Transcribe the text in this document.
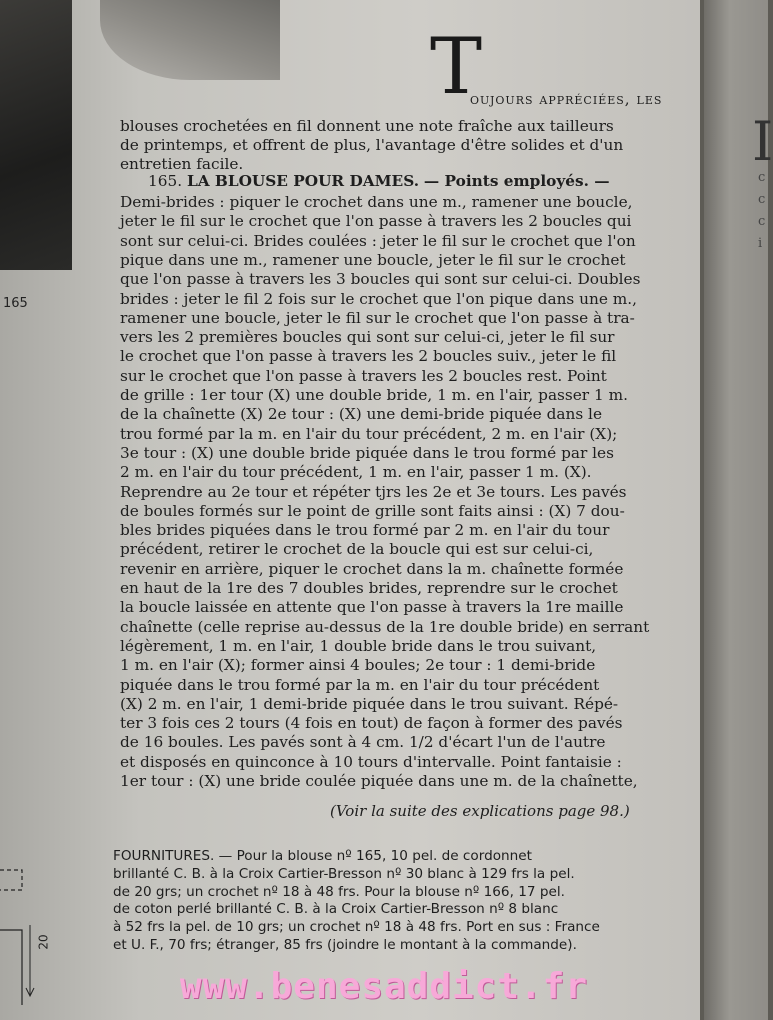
I
c
c
c
i
165
20
T
oujours appréciées, les
blouses crochetées en fil donnent une note fraîche aux tailleurs
de printemps, et offrent de plus, l'avantage d'être solides et d'un
entretien facile.
165. LA BLOUSE POUR DAMES. — Points employés. —
Demi-brides : piquer le crochet dans une m., ramener une boucle,
jeter le fil sur le crochet que l'on passe à travers les 2 boucles qui
sont sur celui-ci. Brides coulées : jeter le fil sur le crochet que l'on
pique dans une m., ramener une boucle, jeter le fil sur le crochet
que l'on passe à travers les 3 boucles qui sont sur celui-ci. Doubles
brides : jeter le fil 2 fois sur le crochet que l'on pique dans une m.,
ramener une boucle, jeter le fil sur le crochet que l'on passe à tra-
vers les 2 premières boucles qui sont sur celui-ci, jeter le fil sur
le crochet que l'on passe à travers les 2 boucles suiv., jeter le fil
sur le crochet que l'on passe à travers les 2 boucles rest. Point
de grille : 1er tour (X) une double bride, 1 m. en l'air, passer 1 m.
de la chaînette (X) 2e tour : (X) une demi-bride piquée dans le
trou formé par la m. en l'air du tour précédent, 2 m. en l'air (X);
3e tour : (X) une double bride piquée dans le trou formé par les
2 m. en l'air du tour précédent, 1 m. en l'air, passer 1 m. (X).
Reprendre au 2e tour et répéter tjrs les 2e et 3e tours. Les pavés
de boules formés sur le point de grille sont faits ainsi : (X) 7 dou-
bles brides piquées dans le trou formé par 2 m. en l'air du tour
précédent, retirer le crochet de la boucle qui est sur celui-ci,
revenir en arrière, piquer le crochet dans la m. chaînette formée
en haut de la 1re des 7 doubles brides, reprendre sur le crochet
la boucle laissée en attente que l'on passe à travers la 1re maille
chaînette (celle reprise au-dessus de la 1re double bride) en serrant
légèrement, 1 m. en l'air, 1 double bride dans le trou suivant,
1 m. en l'air (X); former ainsi 4 boules; 2e tour : 1 demi-bride
piquée dans le trou formé par la m. en l'air du tour précédent
(X) 2 m. en l'air, 1 demi-bride piquée dans le trou suivant. Répé-
ter 3 fois ces 2 tours (4 fois en tout) de façon à former des pavés
de 16 boules. Les pavés sont à 4 cm. 1/2 d'écart l'un de l'autre
et disposés en quinconce à 10 tours d'intervalle. Point fantaisie :
1er tour : (X) une bride coulée piquée dans une m. de la chaînette,
(Voir la suite des explications page 98.)
FOURNITURES. — Pour la blouse nº 165, 10 pel. de cordonnet
brillanté C. B. à la Croix Cartier-Bresson nº 30 blanc à 129 frs la pel.
de 20 grs; un crochet nº 18 à 48 frs. Pour la blouse nº 166, 17 pel.
de coton perlé brillanté C. B. à la Croix Cartier-Bresson nº 8 blanc
à 52 frs la pel. de 10 grs; un crochet nº 18 à 48 frs. Port en sus : France
et U. F., 70 frs; étranger, 85 frs (joindre le montant à la commande).
www.benesaddict.fr
